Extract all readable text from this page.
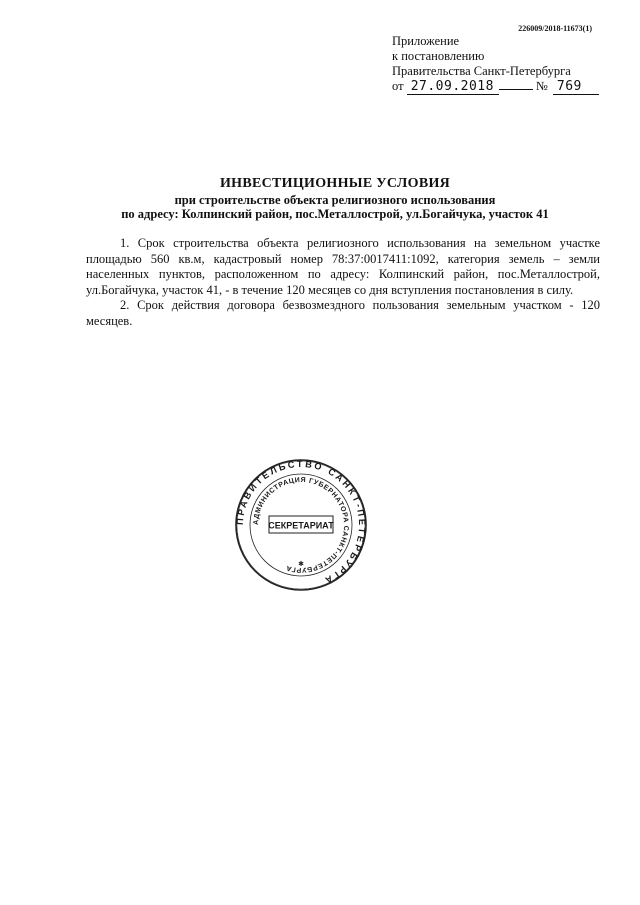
226009/2018-11673(1)
Приложение
к постановлению
Правительства Санкт-Петербурга
от 27.09.2018	№ 769
ИНВЕСТИЦИОННЫЕ УСЛОВИЯ
при строительстве объекта религиозного использования
по адресу: Колпинский район, пос.Металлострой, ул.Богайчука, участок 41

1. Срок строительства объекта религиозного использования на земельном участке площадью 560 кв.м, кадастровый номер 78:37:0017411:1092, категория земель – земли населенных пунктов, расположенном по адресу: Колпинский район, пос.Металлострой, ул.Богайчука, участок 41, - в течение 120 месяцев со дня вступления постановления в силу.

2. Срок действия договора безвозмездного пользования земельным участком - 120 месяцев.

ПРАВИТЕЛЬСТВО САНКТ-ПЕТЕРБУРГА
АДМИНИСТРАЦИЯ ГУБЕРНАТОРА САНКТ-ПЕТЕРБУРГА
СЕКРЕТАРИАТ
✱
